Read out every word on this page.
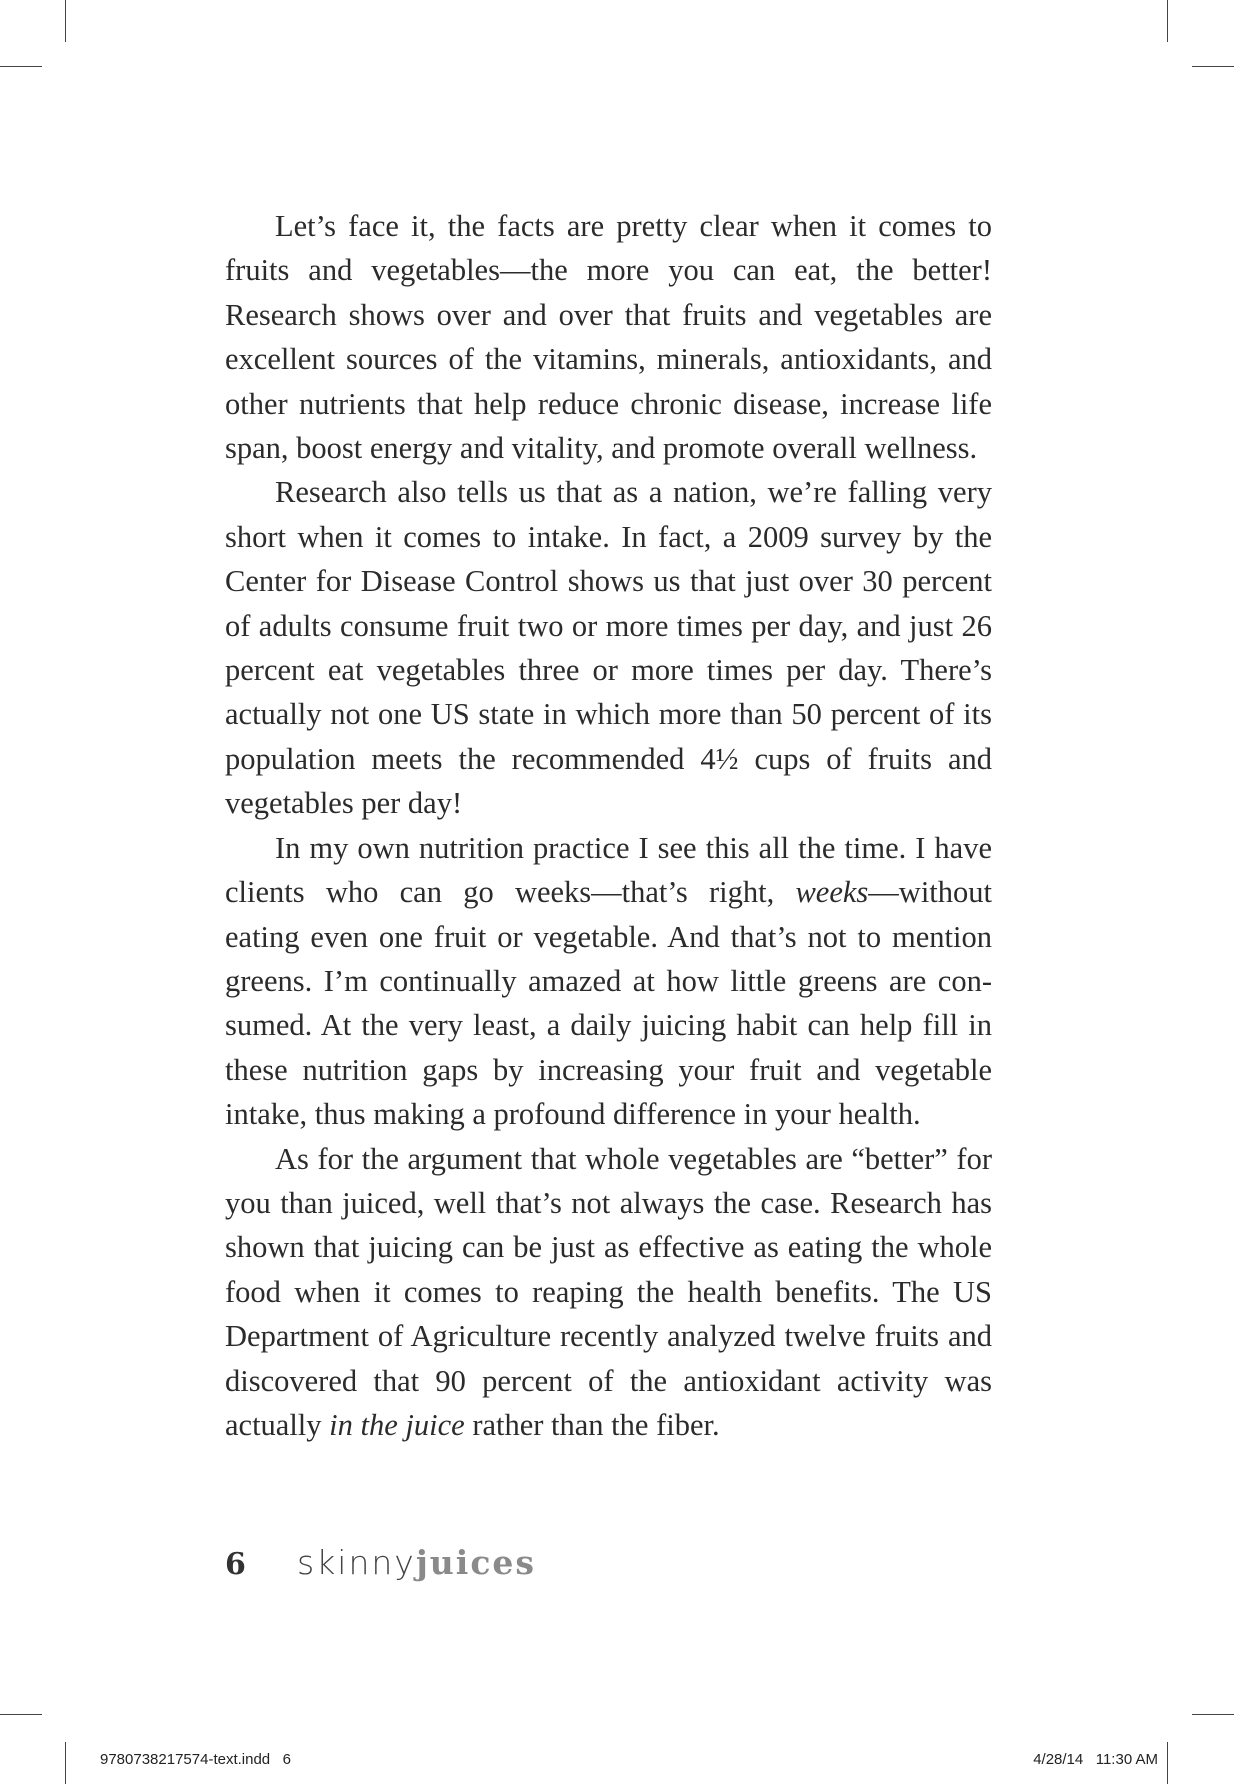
Let’s face it, the facts are pretty clear when it comes to fruits and vegetables—the more you can eat, the better! Research shows over and over that fruits and vegetables are excellent sources of the vitamins, minerals, antioxidants, and other nutrients that help reduce chronic disease, increase life span, boost energy and vitality, and promote overall wellness.

Research also tells us that as a nation, we’re falling very short when it comes to intake. In fact, a 2009 survey by the Center for Disease Control shows us that just over 30 percent of adults consume fruit two or more times per day, and just 26 percent eat vegetables three or more times per day. There’s actually not one US state in which more than 50 percent of its population meets the recommended 4½ cups of fruits and vegetables per day!

In my own nutrition practice I see this all the time. I have clients who can go weeks—that’s right, weeks—without eating even one fruit or vegetable. And that’s not to mention greens. I’m continually amazed at how little greens are consumed. At the very least, a daily juicing habit can help fill in these nutrition gaps by increasing your fruit and vegetable intake, thus making a profound difference in your health.

As for the argument that whole vegetables are “better” for you than juiced, well that’s not always the case. Research has shown that juicing can be just as effective as eating the whole food when it comes to reaping the health benefits. The US Department of Agriculture recently analyzed twelve fruits and discovered that 90 percent of the antioxidant activity was actually in the juice rather than the fiber.

6	skinnyjuices
9780738217574-text.indd   6	4/28/14   11:30 AM
